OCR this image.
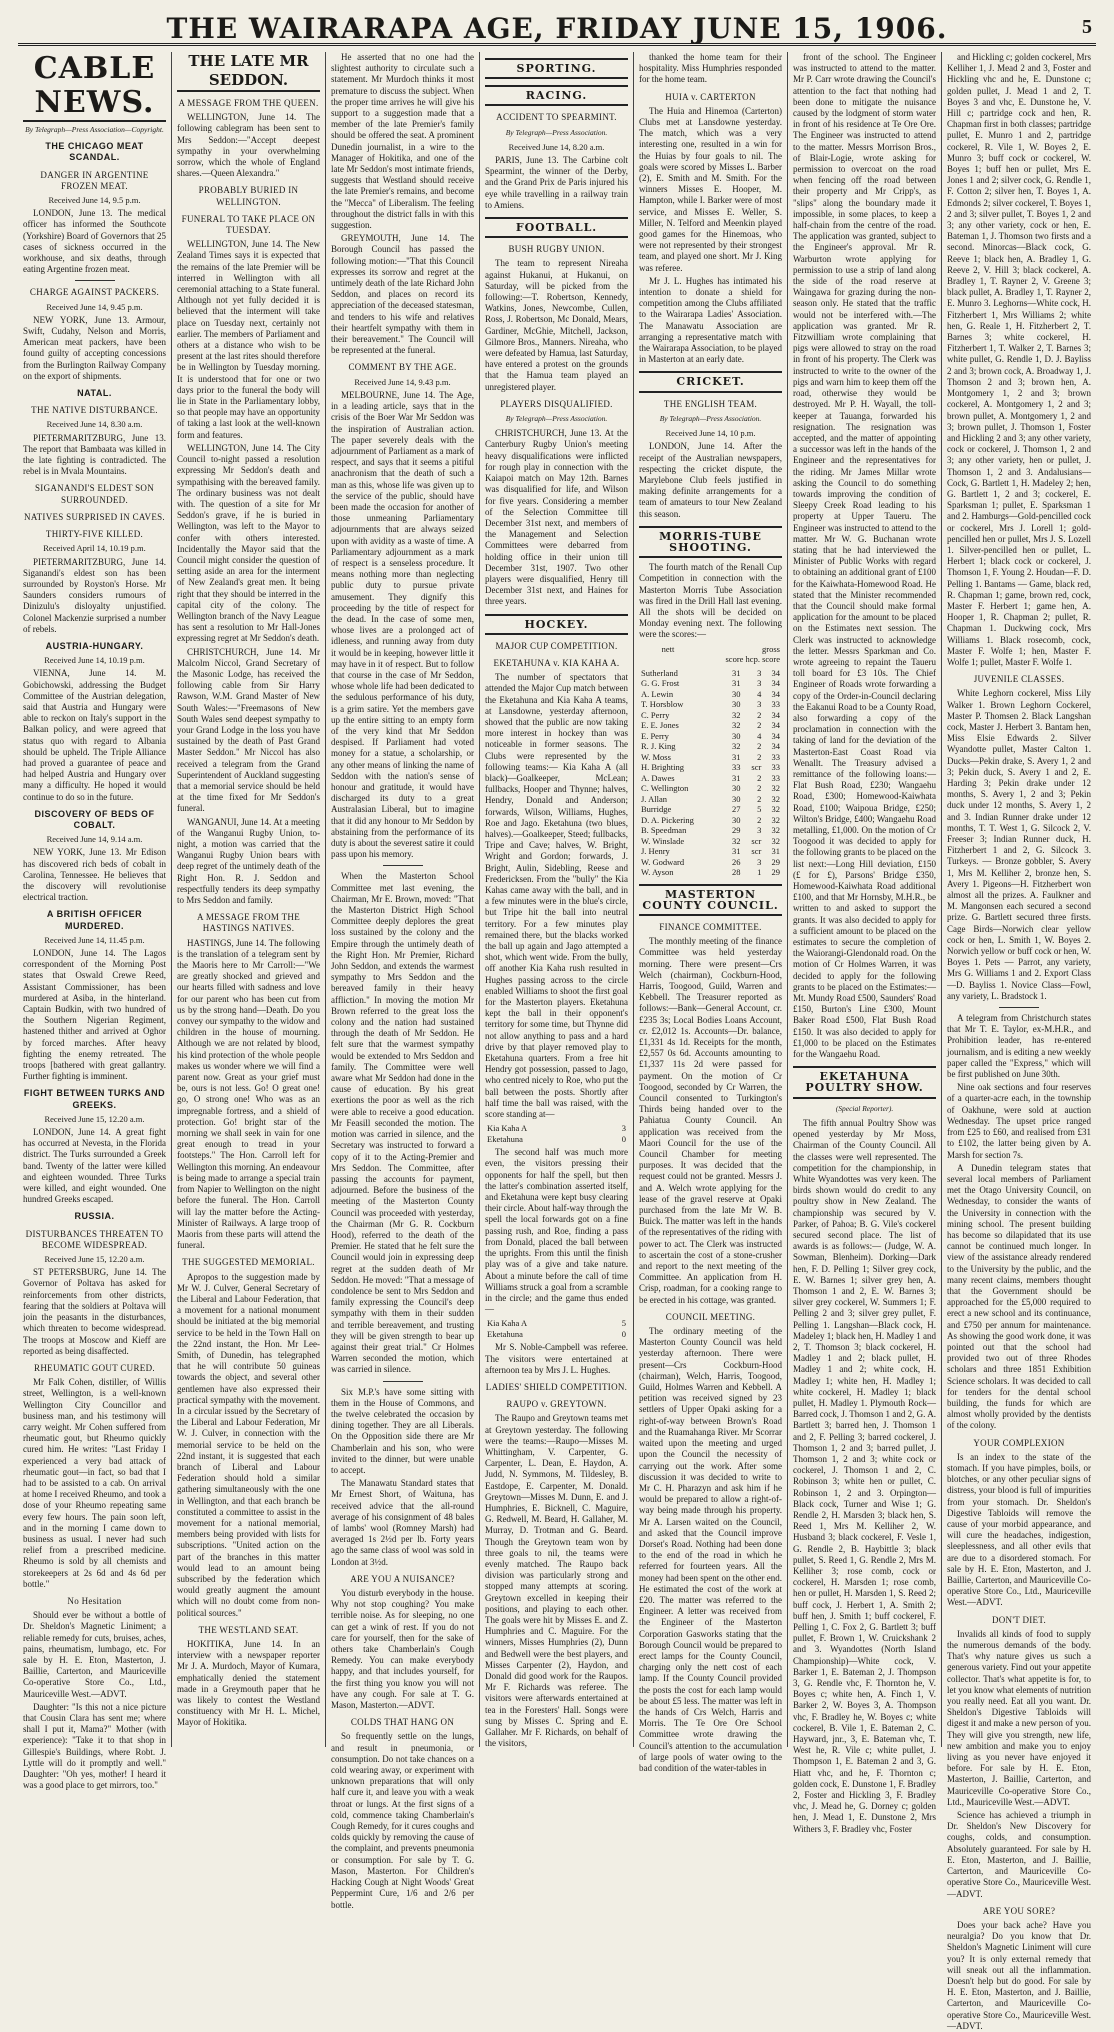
THE WAIRARAPA AGE, FRIDAY JUNE 15, 1906.	5
CABLE NEWS.
By Telegraph—Press Association—Copyright.
THE CHICAGO MEAT SCANDAL.
DANGER IN ARGENTINE FROZEN MEAT.
Received June 14, 9.5 p.m.

LONDON, June 13. The medical officer has informed the Southcote (Yorkshire) Board of Governors that 25 cases of sickness occurred in the workhouse, and six deaths, through eating Argentine frozen meat.

CHARGE AGAINST PACKERS.
Received June 14, 9.45 p.m.

NEW YORK, June 13. Armour, Swift, Cudahy, Nelson and Morris, American meat packers, have been found guilty of accepting concessions from the Burlington Railway Company on the export of shipments.

NATAL.
THE NATIVE DISTURBANCE.
Received June 14, 8.30 a.m.

PIETERMARITZBURG, June 13. The report that Bambaata was killed in the late fighting is contradicted. The rebel is in Mvala Mountains.

SIGANANDI'S ELDEST SON SURROUNDED.
NATIVES SURPRISED IN CAVES.
THIRTY-FIVE KILLED.
Received April 14, 10.19 p.m.

PIETERMARITZBURG, June 14. Siganandi's eldest son has been surrounded by Royston's Horse. Mr Saunders considers rumours of Dinizulu's disloyalty unjustified. Colonel Mackenzie surprised a number of rebels.

AUSTRIA-HUNGARY.
Received June 14, 10.19 p.m.

VIENNA, June 14. M. Gobichowski, addressing the Budget Committee of the Austrian delegation, said that Austria and Hungary were able to reckon on Italy's support in the Balkan policy, and were agreed that status quo with regard to Albania should be upheld. The Triple Alliance had proved a guarantee of peace and had helped Austria and Hungary over many a difficulty. He hoped it would continue to do so in the future.

DISCOVERY OF BEDS OF COBALT.
Received June 14, 9.14 a.m.

NEW YORK, June 13. Mr Edison has discovered rich beds of cobalt in Carolina, Tennessee. He believes that the discovery will revolutionise electrical traction.

A BRITISH OFFICER MURDERED.
Received June 14, 11.45 p.m.

LONDON, June 14. The Lagos correspondent of the Morning Post states that Oswald Crewe Reed, Assistant Commissioner, has been murdered at Asiba, in the hinterland. Captain Budkin, with two hundred of the Southern Nigerian Regiment, hastened thither and arrived at Oghor by forced marches. After heavy fighting the enemy retreated. The troops [bathered with great gallantry. Further fighting is imminent.

FIGHT BETWEEN TURKS AND GREEKS.
Received June 15, 12.20 a.m.

LONDON, June 14. A great fight has occurred at Nevesta, in the Florida district. The Turks surrounded a Greek band. Twenty of the latter were killed and eighteen wounded. Three Turks were killed, and eight wounded. One hundred Greeks escaped.

RUSSIA.
DISTURBANCES THREATEN TO BECOME WIDESPREAD.
Received June 15, 12.20 a.m.

ST PETERSBURG, June 14. The Governor of Poltava has asked for reinforcements from other districts, fearing that the soldiers at Poltava will join the peasants in the disturbances, which threaten to become widespread. The troops at Moscow and Kieff are reported as being disaffected.

RHEUMATIC GOUT CURED.

Mr Falk Cohen, distiller, of Willis street, Wellington, is a well-known Wellington City Councillor and business man, and his testimony will carry weight. Mr Cohen suffered from rheumatic gout, but Rheumo quickly cured him. He writes: "Last Friday I experienced a very bad attack of rheumatic gout—in fact, so bad that I had to be assisted to a cab. On arrival at home I received Rheumo, and took a dose of your Rheumo repeating same every few hours. The pain soon left, and in the morning I came down to business as usual. I never had such relief from a prescribed medicine. Rheumo is sold by all chemists and storekeepers at 2s 6d and 4s 6d per bottle."

No Hesitation

Should ever be without a bottle of Dr. Sheldon's Magnetic Liniment; a reliable remedy for cuts, bruises, aches, pains, rheumatism, lumbago, etc. For sale by H. E. Eton, Masterton, J. Baillie, Carterton, and Mauriceville Co-operative Store Co., Ltd., Mauriceville West.—ADVT.

Daughter: "Is this not a nice picture that Cousin Clara has sent me; where shall I put it, Mama?" Mother (with experience): "Take it to that shop in Gillespie's Buildings, where Robt. J. Lyttle will do it promptly and well." Daughter: "Oh yes, mother! I heard it was a good place to get mirrors, too."

THE LATE MR SEDDON.
A MESSAGE FROM THE QUEEN.

WELLINGTON, June 14. The following cablegram has been sent to Mrs Seddon:—"Accept deepest sympathy in your overwhelming sorrow, which the whole of England shares.—Queen Alexandra."

PROBABLY BURIED IN WELLINGTON.
FUNERAL TO TAKE PLACE ON TUESDAY.

WELLINGTON, June 14. The New Zealand Times says it is expected that the remains of the late Premier will be interred in Wellington with all ceremonial attaching to a State funeral. Although not yet fully decided it is believed that the interment will take place on Tuesday next, certainly not earlier. The members of Parliament and others at a distance who wish to be present at the last rites should therefore be in Wellington by Tuesday morning. It is understood that for one or two days prior to the funeral the body will lie in State in the Parliamentary lobby, so that people may have an opportunity of taking a last look at the well-known form and features.

WELLINGTON, June 14. The City Council to-night passed a resolution expressing Mr Seddon's death and sympathising with the bereaved family. The ordinary business was not dealt with. The question of a site for Mr Seddon's grave, if he is buried in Wellington, was left to the Mayor to confer with others interested. Incidentally the Mayor said that the Council might consider the question of setting aside an area for the interment of New Zealand's great men. It being right that they should be interred in the capital city of the colony. The Wellington branch of the Navy League has sent a resolution to Mr Hall-Jones expressing regret at Mr Seddon's death.

CHRISTCHURCH, June 14. Mr Malcolm Niccol, Grand Secretary of the Masonic Lodge, has received the following cable from Sir Harry Rawson, W.M. Grand Master of New South Wales:—"Freemasons of New South Wales send deepest sympathy to your Grand Lodge in the loss you have sustained by the death of Past Grand Master Seddon." Mr Niccol has also received a telegram from the Grand Superintendent of Auckland suggesting that a memorial service should be held at the time fixed for Mr Seddon's funeral.

WANGANUI, June 14. At a meeting of the Wanganui Rugby Union, to-night, a motion was carried that the Wanganui Rugby Union bears with deep regret of the untimely death of the Right Hon. R. J. Seddon and respectfully tenders its deep sympathy to Mrs Seddon and family.

A MESSAGE FROM THE HASTINGS NATIVES.

HASTINGS, June 14. The following is the translation of a telegram sent by the Maoris here to Mr Carroll:—"We are greatly shocked and grieved and our hearts filled with sadness and love for our parent who has been cut from us by the strong hand—Death. Do you convey our sympathy to the widow and children in the house of mourning. Although we are not related by blood, his kind protection of the whole people makes us wonder where we will find a parent now. Great as your grief must be, ours is not less. Go! O great one! go, O strong one! Who was as an impregnable fortress, and a shield of protection. Go! bright star of the morning we shall seek in vain for one great enough to tread in your footsteps." The Hon. Carroll left for Wellington this morning. An endeavour is being made to arrange a special train from Napier to Wellington on the night before the funeral. The Hon. Carroll will lay the matter before the Acting-Minister of Railways. A large troop of Maoris from these parts will attend the funeral.

THE SUGGESTED MEMORIAL.

Apropos to the suggestion made by Mr W. J. Culver, General Secretary of the Liberal and Labour Federation, that a movement for a national monument should be initiated at the big memorial service to be held in the Town Hall on the 22nd instant, the Hon. Mr Lee-Smith, of Dunedin, has telegraphed that he will contribute 50 guineas towards the object, and several other gentlemen have also expressed their practical sympathy with the movement. In a circular issued by the Secretary of the Liberal and Labour Federation, Mr W. J. Culver, in connection with the memorial service to be held on the 22nd instant, it is suggested that each branch of Liberal and Labour Federation should hold a similar gathering simultaneously with the one in Wellington, and that each branch be constituted a committee to assist in the movement for a national memorial, members being provided with lists for subscriptions. "United action on the part of the branches in this matter would lead to an amount being subscribed by the federation which would greatly augment the amount which will no doubt come from non-political sources."

THE WESTLAND SEAT.

HOKITIKA, June 14. In an interview with a newspaper reporter Mr J. A. Murdoch, Mayor of Kumara, emphatically denied the statement made in a Greymouth paper that he was likely to contest the Westland constituency with Mr H. L. Michel, Mayor of Hokitika.

He asserted that no one had the slightest authority to circulate such a statement. Mr Murdoch thinks it most premature to discuss the subject. When the proper time arrives he will give his support to a suggestion made that a member of the late Premier's family should be offered the seat. A prominent Dunedin journalist, in a wire to the Manager of Hokitika, and one of the late Mr Seddon's most intimate friends, suggests that Westland should receive the late Premier's remains, and become the "Mecca" of Liberalism. The feeling throughout the district falls in with this suggestion.

GREYMOUTH, June 14. The Borough Council has passed the following motion:—"That this Council expresses its sorrow and regret at the untimely death of the late Richard John Seddon, and places on record its appreciation of the deceased statesman, and tenders to his wife and relatives their heartfelt sympathy with them in their bereavement." The Council will be represented at the funeral.

COMMENT BY THE AGE.
Received June 14, 9.43 p.m.

MELBOURNE, June 14. The Age, in a leading article, says that in the crisis of the Boer War Mr Seddon was the inspiration of Australian action. The paper severely deals with the adjournment of Parliament as a mark of respect, and says that it seems a pitiful anachronism that the death of such a man as this, whose life was given up to the service of the public, should have been made the occasion for another of those unmeaning Parliamentary adjournments that are always seized upon with avidity as a waste of time. A Parliamentary adjournment as a mark of respect is a senseless procedure. It means nothing more than neglecting public duty to pursue private amusement. They dignify this proceeding by the title of respect for the dead. In the case of some men, whose lives are a prolonged act of idleness, and running away from duty it would be in keeping, however little it may have in it of respect. But to follow that course in the case of Mr Seddon, whose whole life had been dedicated to the sedulous performance of his duty, is a grim satire. Yet the members gave up the entire sitting to an empty form of the very kind that Mr Seddon despised. If Parliament had voted money for a statue, a scholarship, or any other means of linking the name of Seddon with the nation's sense of honour and gratitude, it would have discharged its duty to a great Australasian Liberal, but to imagine that it did any honour to Mr Seddon by abstaining from the performance of its duty is about the severest satire it could pass upon his memory.

When the Masterton School Committee met last evening, the Chairman, Mr E. Brown, moved: "That the Masterton District High School Committee deeply deplores the great loss sustained by the colony and the Empire through the untimely death of the Right Hon. Mr Premier, Richard John Seddon, and extends the warmest sympathy to Mrs Seddon and the bereaved family in their heavy affliction." In moving the motion Mr Brown referred to the great loss the colony and the nation had sustained through the death of Mr Seddon. He felt sure that the warmest sympathy would be extended to Mrs Seddon and family. The Committee were well aware what Mr Seddon had done in the cause of education. By his great exertions the poor as well as the rich were able to receive a good education. Mr Feasill seconded the motion. The motion was carried in silence, and the Secretary was instructed to forward a copy of it to the Acting-Premier and Mrs Seddon. The Committee, after passing the accounts for payment, adjourned. Before the business of the meeting of the Masterton County Council was proceeded with yesterday, the Chairman (Mr G. R. Cockburn Hood), referred to the death of the Premier. He stated that he felt sure the Council would join in expressing deep regret at the sudden death of Mr Seddon. He moved: "That a message of condolence be sent to Mrs Seddon and family expressing the Council's deep sympathy with them in their sudden and terrible bereavement, and trusting they will be given strength to bear up against their great trial." Cr Holmes Warren seconded the motion, which was carried in silence.

Six M.P.'s have some sitting with them in the House of Commons, and the twelve celebrated the occasion by dining together. They are all Liberals. On the Opposition side there are Mr Chamberlain and his son, who were invited to the dinner, but were unable to accept.

The Manawatu Standard states that Mr Ernest Short, of Waituna, has received advice that the all-round average of his consignment of 48 bales of lambs' wool (Romney Marsh) had averaged 1s 2½d per lb. Forty years ago the same class of wool was sold in London at 3½d.

ARE YOU A NUISANCE?

You disturb everybody in the house. Why not stop coughing? You make terrible noise. As for sleeping, no one can get a wink of rest. If you do not care for yourself, then for the sake of others take Chamberlain's Cough Remedy. You can make everybody happy, and that includes yourself, for the first thing you know you will not have any cough. For sale at T. G. Mason, Masterton.—ADVT.

COLDS THAT HANG ON

So frequently settle on the lungs, and result in pneumonia, or consumption. Do not take chances on a cold wearing away, or experiment with unknown preparations that will only half cure it, and leave you with a weak throat or lungs. At the first signs of a cold, commence taking Chamberlain's Cough Remedy, for it cures coughs and colds quickly by removing the cause of the complaint, and prevents pneumonia or consumption. For sale by T. G. Mason, Masterton. For Children's Hacking Cough at Night Woods' Great Peppermint Cure, 1/6 and 2/6 per bottle.

SPORTING.
RACING.
ACCIDENT TO SPEARMINT.
By Telegraph—Press Association.
Received June 14, 8.20 a.m.

PARIS, June 13. The Carbine colt Spearmint, the winner of the Derby, and the Grand Prix de Paris injured his eye while travelling in a railway train to Amiens.

FOOTBALL.
BUSH RUGBY UNION.

The team to represent Nireaha against Hukanui, at Hukanui, on Saturday, will be picked from the following:—T. Robertson, Kennedy, Watkins, Jones, Newcombe, Cullen, Ross, J. Robertson, Mc Donald, Mears, Gardiner, McGhie, Mitchell, Jackson, Gilmore Bros., Manners. Nireaha, who were defeated by Hamua, last Saturday, have entered a protest on the grounds that the Hamua team played an unregistered player.

PLAYERS DISQUALIFIED.
By Telegraph—Press Association.

CHRISTCHURCH, June 13. At the Canterbury Rugby Union's meeting heavy disqualifications were inflicted for rough play in connection with the Kaiapoi match on May 12th. Barnes was disqualified for life, and Wilson for five years. Considering a member of the Selection Committee till December 31st next, and members of the Management and Selection Committees were debarred from holding office in their union till December 31st, 1907. Two other players were disqualified, Henry till December 31st next, and Haines for three years.

HOCKEY.
MAJOR CUP COMPETITION.
EKETAHUNA v. KIA KAHA A.

The number of spectators that attended the Major Cup match between the Eketahuna and Kia Kaha A teams, at Lansdowne, yesterday afternoon, showed that the public are now taking more interest in hockey than was noticeable in former seasons. The Clubs were represented by the following teams:— Kia Kaha A (all black)—Goalkeeper, McLean; fullbacks, Hooper and Thynne; halves, Hendry, Donald and Anderson; forwards, Wilson, Williams, Hughes, Roe and Jago. Eketahuna (two blues, halves).—Goalkeeper, Steed; fullbacks, Tripe and Cave; halves, W. Bright, Wright and Gordon; forwards, J. Bright, Aulin, Sidebling, Reese and Fredericksen. From the "bully" the Kia Kahas came away with the ball, and in a few minutes were in the blue's circle, but Tripe hit the ball into neutral territory. For a few minutes play remained there, but the blacks worked the ball up again and Jago attempted a shot, which went wide. From the bully, off another Kia Kaha rush resulted in Hughes passing across to the circle enabled Williams to shoot the first goal for the Masterton players. Eketahuna kept the ball in their opponent's territory for some time, but Thynne did not allow anything to pass and a hard drive by that player removed play to Eketahuna quarters. From a free hit Hendry got possession, passed to Jago, who centred nicely to Roe, who put the ball between the posts. Shortly after half time the ball was raised, with the score standing at—

Kia Kaha A	3
Eketahuna	0

The second half was much more even, the visitors pressing their opponents for half the spell, but then the latter's combination asserted itself, and Eketahuna were kept busy clearing their circle. About half-way through the spell the local forwards got on a fine passing rush, and Roe, finding a pass from Donald, placed the ball between the uprights. From this until the finish play was of a give and take nature. About a minute before the call of time Williams struck a goal from a scramble in the circle; and the game thus ended—

Kia Kaha A	5
Eketahuna	0

Mr S. Noble-Campbell was referee. The visitors were entertained at afternoon tea by Mrs J. L. Hughes.

LADIES' SHIELD COMPETITION.
RAUPO v. GREYTOWN.

The Raupo and Greytown teams met at Greytown yesterday. The following were the teams:—Raupo—Misses M. Whittingham, V. Carpenter, G. Carpenter, L. Dean, E. Haydon, A. Judd, N. Symmons, M. Tildesley, B. Eastdope, E. Carpenter, M. Donald. Greytown—Misses M. Dunn, E. and J. Humphries, E. Bicknell, C. Maguire, G. Redwell, M. Beard, H. Gallaher, M. Murray, D. Trotman and G. Beard. Though the Greytown team won by three goals to nil, the teams were evenly matched. The Raupo back division was particularly strong and stopped many attempts at scoring. Greytown excelled in keeping their positions, and playing to each other. The goals were hit by Misses E. and Z. Humphries and C. Maguire. For the winners, Misses Humphries (2), Dunn and Bedwell were the best players, and Misses Carpenter (2), Haydon, and Donald did good work for the Raupos. Mr F. Richards was referee. The visitors were afterwards entertained at tea in the Foresters' Hall. Songs were sung by Misses C. Spring and E. Gallaher. Mr F. Richards, on behalf of the visitors,

thanked the home team for their hospitality. Miss Humphries responded for the home team.

HUIA v. CARTERTON

The Huia and Hinemoa (Carterton) Clubs met at Lansdowne yesterday. The match, which was a very interesting one, resulted in a win for the Huias by four goals to nil. The goals were scored by Misses L. Barber (2), E. Smith and M. Smith. For the winners Misses E. Hooper, M. Hampton, while I. Barker were of most service, and Misses E. Weller, S. Miller, N. Telford and Meenkin played good games for the Hinemoas, who were not represented by their strongest team, and played one short. Mr J. King was referee.

Mr J. L. Hughes has intimated his intention to donate a shield for competition among the Clubs affiliated to the Wairarapa Ladies' Association. The Manawatu Association are arranging a representative match with the Wairarapa Association, to be played in Masterton at an early date.

CRICKET.
THE ENGLISH TEAM.
By Telegraph—Press Association.
Received June 14, 10 p.m.

LONDON, June 14. After the receipt of the Australian newspapers, respecting the cricket dispute, the Marylebone Club feels justified in making definite arrangements for a team of amateurs to tour New Zealand this season.

MORRIS-TUBE SHOOTING.

The fourth match of the Renall Cup Competition in connection with the Masterton Morris Tube Association was fired in the Drill Hall last evening. All the shots will be decided on Monday evening next. The following were the scores:—

	nett	gross
		score hcp. score
Sutherland	31	3	34
G. G. Frost	31	3	34
A. Lewin	30	4	34
T. Horsblow	30	3	33
C. Perry	32	2	34
E. E. Jones	32	2	34
E. Perry	30	4	34
R. J. King	32	2	34
W. Moss	31	2	33
H. Brighting	33	scr	33
A. Dawes	31	2	33
C. Wellington	30	2	32
J. Allan	30	2	32
Burridge	27	5	32
D. A. Pickering	30	2	32
B. Speedman	29	3	32
W. Winslade	32	scr	32
J. Henry	31	scr	31
W. Godward	26	3	29
W. Ayson	28	1	29
MASTERTON COUNTY COUNCIL.
FINANCE COMMITTEE.

The monthly meeting of the finance Committee was held yesterday morning. There were present—Crs Welch (chairman), Cockburn-Hood, Harris, Toogood, Guild, Warren and Kebbell. The Treasurer reported as follows:—Bank—General Account, cr. £235 3s; Local Bodies Loans Account, cr. £2,012 1s. Accounts—Dr. balance, £1,331 4s 1d. Receipts for the month, £2,557 0s 6d. Accounts amounting to £1,337 11s 2d were passed for payment. On the motion of Cr Toogood, seconded by Cr Warren, the Council consented to Turkington's Thirds being handed over to the Pahiatua County Council. An application was received from the Maori Council for the use of the Council Chamber for meeting purposes. It was decided that the request could not be granted. Messrs J. and A. Welch wrote applying for the lease of the gravel reserve at Opaki purchased from the late Mr W. B. Buick. The matter was left in the hands of the representatives of the riding with power to act. The Clerk was instructed to ascertain the cost of a stone-crusher and report to the next meeting of the Committee. An application from H. Crisp, roadman, for a cooking range to be erected in his cottage, was granted.

COUNCIL MEETING.

The ordinary meeting of the Masterton County Council was held yesterday afternoon. There were present—Crs Cockburn-Hood (chairman), Welch, Harris, Toogood, Guild, Holmes Warren and Kebbell. A petition was received signed by 23 settlers of Upper Opaki asking for a right-of-way between Brown's Road and the Ruamahanga River. Mr Scorrar waited upon the meeting and urged upon the Council the necessity of carrying out the work. After some discussion it was decided to write to Mr C. H. Pharazyn and ask him if he would be prepared to allow a right-of-way being made through his property. Mr A. Larsen waited on the Council, and asked that the Council improve Dorset's Road. Nothing had been done to the end of the road in which he referred for fourteen years. All the money had been spent on the other end. He estimated the cost of the work at £20. The matter was referred to the Engineer. A letter was received from the Engineer of the Masterton Corporation Gasworks stating that the Borough Council would be prepared to erect lamps for the County Council, charging only the nett cost of each lamp. If the County Council provided the posts the cost for each lamp would be about £5 less. The matter was left in the hands of Crs Welch, Harris and Morris. The Te Ore Ore School Committee wrote drawing the Council's attention to the accumulation of large pools of water owing to the bad condition of the water-tables in

front of the school. The Engineer was instructed to attend to the matter. Mr P. Carr wrote drawing the Council's attention to the fact that nothing had been done to mitigate the nuisance caused by the lodgment of storm water in front of his residence at Te Ore Ore. The Engineer was instructed to attend to the matter. Messrs Morrison Bros., of Blair-Logie, wrote asking for permission to overcoat on the road when fencing off the road between their property and Mr Cripp's, as "slips" along the boundary made it impossible, in some places, to keep a half-chain from the centre of the road. The application was granted, subject to the Engineer's approval. Mr R. Warburton wrote applying for permission to use a strip of land along the side of the road reserve at Waingawa for grazing during the non-season only. He stated that the traffic would not be interfered with.—The application was granted. Mr R. Fitzwilliam wrote complaining that pigs were allowed to stray on the road in front of his property. The Clerk was instructed to write to the owner of the pigs and warn him to keep them off the road, otherwise they would be destroyed. Mr P. H. Wayall, the toll-keeper at Tauanga, forwarded his resignation. The resignation was accepted, and the matter of appointing a successor was left in the hands of the Engineer and the representatives for the riding. Mr James Millar wrote asking the Council to do something towards improving the condition of Sleepy Creek Road leading to his property at Upper Taueru. The Engineer was instructed to attend to the matter. Mr W. G. Buchanan wrote stating that he had interviewed the Minister of Public Works with regard to obtaining an additional grant of £100 for the Kaiwhata-Homewood Road. He stated that the Minister recommended that the Council should make formal application for the amount to be placed on the Estimates next session. The Clerk was instructed to acknowledge the letter. Messrs Sparkman and Co. wrote agreeing to repaint the Taueru toll board for £3 10s. The Chief Engineer of Roads wrote forwarding a copy of the Order-in-Council declaring the Eakanui Road to be a County Road, also forwarding a copy of the proclamation in connection with the taking of land for the deviation of the Masterton-East Coast Road via Wenallt. The Treasury advised a remittance of the following loans:—Flat Bush Road, £230; Wangaehu Road, £300; Homewood-Kaiwhata Road, £100; Waipoua Bridge, £250; Wilton's Bridge, £400; Wangaehu Road metalling, £1,000. On the motion of Cr Toogood it was decided to apply for the following grants to be placed on the list next:—Long Hill deviation, £150 (£ for £), Parsons' Bridge £350, Homewood-Kaiwhata Road additional £100, and that Mr Hornsby, M.H.R., be written to and asked to support the grants. It was also decided to apply for a sufficient amount to be placed on the estimates to secure the completion of the Waiorangi-Glendonald road. On the motion of Cr Holmes Warren, it was decided to apply for the following grants to be placed on the Estimates:—Mt. Mundy Road £500, Saunders' Road £150, Burton's Line £300, Mount Baker Road £500, Flat Bush Road £150. It was also decided to apply for £1,000 to be placed on the Estimates for the Wangaehu Road.

EKETAHUNA POULTRY SHOW.
(Special Reporter).

The fifth annual Poultry Show was opened yesterday by Mr Moss, Chairman of the County Council. All the classes were well represented. The competition for the championship, in White Wyandottes was very keen. The birds shown would do credit to any poultry show in New Zealand. The championship was secured by V. Parker, of Pahoa; B. G. Vile's cockerel secured second place. The list of awards is as follows:— (Judge, W. A. Sowman, Blenheim). Dorking—Dark hen, F. D. Pelling 1; Silver grey cock, E. W. Barnes 1; silver grey hen, A. Thomson 1 and 2, E. W. Barnes 3; silver grey cockerel, W. Summers 1; F. Pelling 2 and 3; silver grey pullet, F. Pelling 1. Langshan—Black cock, H. Madeley 1; black hen, H. Madley 1 and 2, T. Thomson 3; black cockerel, H. Madley 1 and 2; black pullet, H. Madley 1 and 2; white cock, H. Madley 1; white hen, H. Madley 1; white cockerel, H. Madley 1; black pullet, H. Madley 1. Plymouth Rock—Barred cock, J. Thomson 1 and 2, G. A. Bartlett 3; barred hen, J. Thomson 1 and 2, F. Pelling 3; barred cockerel, J. Thomson 1, 2 and 3; barred pullet, J. Thomson 1, 2 and 3; white cock or cockerel, J. Thomson 1 and 2, C. Robinson 3; white hen or pullet, C. Robinson 1, 2 and 3. Orpington—Black cock, Turner and Wise 1; G. Rendle 2, H. Marsden 3; black hen, S. Reed 1, Mrs M. Kelliher 2, W. Husband 3; black cockerel, F. Vesle 1, G. Rendle 2, B. Haybittle 3; black pullet, S. Reed 1, G. Rendle 2, Mrs M. Kelliher 3; rose comb, cock or cockerel, H. Marsden 1; rose comb, hen or pullet, H. Marsden 1, S. Reed 2; buff cock, J. Herbert 1, A. Smith 2; buff hen, J. Smith 1; buff cockerel, F. Pelling 1, C. Fox 2, G. Bartlett 3; buff pullet, F. Brown 1, W. Cruickshank 2 and 3. Wyandottes (North Island Championship)—White cock, V. Barker 1, E. Bateman 2, J. Thompson 3, G. Rendle vhc, F. Thornton he, V. Boyes c; white hen, A. Finch 1, V. Barker 2, W. Boyes 3, A. Thompson vhc, F. Bradley he, W. Boyes c; white cockerel, B. Vile 1, E. Bateman 2, C. Hayward, jnr., 3, E. Bateman vhc, T. West he, R. Vile c; white pullet, J. Thompson 1, E. Bateman 2 and 3, G. Hiatt vhc, and he, F. Thornton c; golden cock, E. Dunstone 1, F. Bradley 2, Foster and Hickling 3, F. Bradley vhc, J. Mead he, G. Dorney c; golden hen, J. Mead 1, E. Dunstone 2, Mrs Withers 3, F. Bradley vhc, Foster

and Hickling c; golden cockerel, Mrs Kelliher 1, J. Mead 2 and 3, Foster and Hickling vhc and he, E. Dunstone c; golden pullet, J. Mead 1 and 2, T. Boyes 3 and vhc, E. Dunstone he, V. Hill c; partridge cock and hen, R. Chapman first in both classes; partridge pullet, E. Munro 1 and 2, partridge cockerel, R. Vile 1, W. Boyes 2, E. Munro 3; buff cock or cockerel, W. Boyes 1; buff hen or pullet, Mrs E. Jones 1 and 2; silver cock, G. Rendle 1, F. Cotton 2; silver hen, T. Boyes 1, A. Edmonds 2; silver cockerel, T. Boyes 1, 2 and 3; silver pullet, T. Boyes 1, 2 and 3; any other variety, cock or hen, E. Bateman 1, J. Thomson two firsts and a second. Minorcas—Black cock, G. Reeve 1; black hen, A. Bradley 1, G. Reeve 2, V. Hill 3; black cockerel, A. Bradley 1, T. Rayner 2, V. Greene 3; black pullet, A. Bradley 1, T. Rayner 2, E. Munro 3. Leghorns—White cock, H. Fitzherbert 1, Mrs Williams 2; white hen, G. Reale 1, H. Fitzherbert 2, T. Barnes 3; white cockerel, H. Fitzherbert 1, T. Walker 2, T. Barnes 3; white pullet, G. Rendle 1, D. J. Bayliss 2 and 3; brown cock, A. Broadway 1, J. Thomson 2 and 3; brown hen, A. Montgomery 1, 2 and 3; brown cockerel, A. Montgomery 1, 2 and 3; brown pullet, A. Montgomery 1, 2 and 3; brown pullet, J. Thomson 1, Foster and Hickling 2 and 3; any other variety, cock or cockerel, J. Thomson 1, 2 and 3; any other variety, hen or pullet, J. Thomson 1, 2 and 3. Andalusians—Cock, G. Bartlett 1, H. Madeley 2; hen, G. Bartlett 1, 2 and 3; cockerel, E. Sparksman 1; pullet, E. Sparksman 1 and 2. Hamburgs—Gold-pencilled cock or cockerel, Mrs J. Lorell 1; gold-pencilled hen or pullet, Mrs J. S. Lozell 1. Silver-pencilled hen or pullet, L. Herbert 1; black cock or cockerel, J. Thomson 1, F. Young 2. Houdan—F. D. Pelling 1. Bantams — Game, black red, R. Chapman 1; game, brown red, cock, Master F. Herbert 1; game hen, A. Hooper 1, R. Chapman 2; pullet, R. Chapman 1. Duckwing cock, Mrs Williams 1. Black rosecomb, cock, Master F. Wolfe 1; hen, Master F. Wolfe 1; pullet, Master F. Wolfe 1.

JUVENILE CLASSES.

White Leghorn cockerel, Miss Lily Walker 1. Brown Leghorn Cockerel, Master P. Thomsen 2. Black Langshan cock, Master J. Herbert 3. Bantam hen, Miss Elsie Edwards 2. Silver Wyandotte pullet, Master Calton 1. Ducks—Pekin drake, S. Avery 1, 2 and 3; Pekin duck, S. Avery 1 and 2, E. Harding 3; Pekin drake under 12 months, S. Avery 1, 2 and 3; Pekin duck under 12 months, S. Avery 1, 2 and 3. Indian Runner drake under 12 months, T. T. West 1, G. Silcock 2, V. Freeser 3; Indian Runner duck, H. Fitzherbert 1 and 2, G. Silcock 3. Turkeys. — Bronze gobbler, S. Avery 1, Mrs M. Kelliher 2, bronze hen, S. Avery 1. Pigeons—H. Fitzherbert won almost all the prizes. A. Faulkner and M. Mangonsen each secured a second prize. G. Bartlett secured three firsts. Cage Birds—Norwich clear yellow cock or hen, L. Smith 1, W. Boyes 2. Norwich yellow or buff cock or hen, W. Boyes 1. Pets — Parrot, any variety, Mrs G. Williams 1 and 2. Export Class—D. Bayliss 1. Novice Class—Fowl, any variety, L. Bradstock 1.

A telegram from Christchurch states that Mr T. E. Taylor, ex-M.H.R., and Prohibition leader, has re-entered journalism, and is editing a new weekly paper called the "Express," which will be first published on June 30th.

Nine oak sections and four reserves of a quarter-acre each, in the township of Oakhune, were sold at auction Wednesday. The upset price ranged from £25 to £60, and realised from £31 to £102, the latter being given by A. Marsh for section 7s.

A Dunedin telegram states that several local members of Parliament met the Otago University Council, on Wednesday, to consider the wants of the University in connection with the mining school. The present building has become so dilapidated that its use cannot be continued much longer. In view of the assistance already rendered to the University by the public, and the many recent claims, members thought that the Government should be approached for the £5,000 required to erect a new school and its continuance, and £750 per annum for maintenance. As showing the good work done, it was pointed out that the school had provided two out of three Rhodes scholars and three 1851 Exhibition Science scholars. It was decided to call for tenders for the dental school building, the funds for which are almost wholly provided by the dentists of the colony.

YOUR COMPLEXION

Is an index to the state of the stomach. If you have pimples, boils, or blotches, or any other peculiar signs of distress, your blood is full of impurities from your stomach. Dr. Sheldon's Digestive Tabloids will remove the cause of your morbid appearance, and will cure the headaches, indigestion, sleeplessness, and all other evils that are due to a disordered stomach. For sale by H. E. Eton, Masterton, and J. Baillie, Carterton, and Mauriceville Co-operative Store Co., Ltd., Mauriceville West.—ADVT.

DON'T DIET.

Invalids all kinds of food to supply the numerous demands of the body. That's why nature gives us such a generous variety. Find out your appetite collector. That's what appetite is for, to let you know what elements of nutrition you really need. Eat all you want. Dr. Sheldon's Digestive Tabloids will digest it and make a new person of you. They will give you strength, new life, new ambition and make you to enjoy living as you never have enjoyed it before. For sale by H. E. Eton, Masterton, J. Baillie, Carterton, and Mauriceville Co-operative Store Co., Ltd., Mauriceville West.—ADVT.

Science has achieved a triumph in Dr. Sheldon's New Discovery for coughs, colds, and consumption. Absolutely guaranteed. For sale by H. E. Eton, Masterton, and J. Baillie, Carterton, and Mauriceville Co-operative Store Co., Mauriceville West.—ADVT.

ARE YOU SORE?

Does your back ache? Have you neuralgia? Do you know that Dr. Sheldon's Magnetic Liniment will cure you? It is only external remedy that will sneak out all the inflammation. Doesn't help but do good. For sale by H. E. Eton, Masterton, and J. Baillie, Carterton, and Mauriceville Co-operative Store Co., Mauriceville West.—ADVT.
